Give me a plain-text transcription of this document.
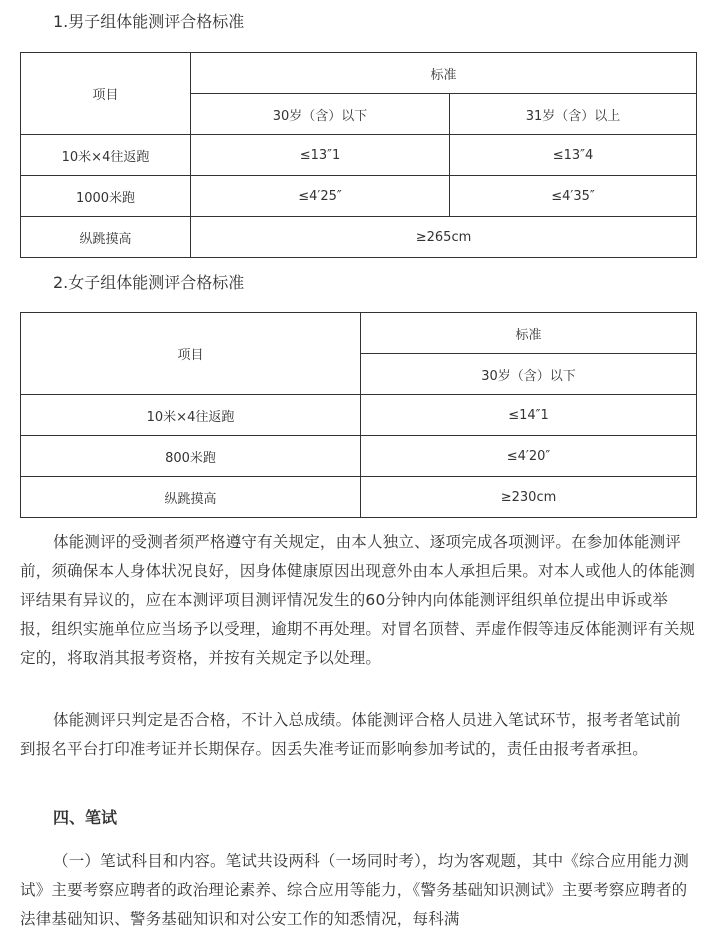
1.男子组体能测评合格标准
项目	标准	
	30岁（含）以下	31岁（含）以上
10米×4往返跑	≤13″1	≤13″4
1000米跑	≤4′25″	≤4′35″
纵跳摸高	≥265cm	
2.女子组体能测评合格标准
项目	标准
	30岁（含）以下
10米×4往返跑	≤14″1
800米跑	≤4′20″
纵跳摸高	≥230cm

体能测评的受测者须严格遵守有关规定，由本人独立、逐项完成各项测评。在参加体能测评前，须确保本人身体状况良好，因身体健康原因出现意外由本人承担后果。对本人或他人的体能测评结果有异议的，应在本测评项目测评情况发生的60分钟内向体能测评组织单位提出申诉或举报，组织实施单位应当场予以受理，逾期不再处理。对冒名顶替、弄虚作假等违反体能测评有关规定的，将取消其报考资格，并按有关规定予以处理。

体能测评只判定是否合格，不计入总成绩。体能测评合格人员进入笔试环节，报考者笔试前到报名平台打印准考证并长期保存。因丢失准考证而影响参加考试的，责任由报考者承担。

四、笔试

（一）笔试科目和内容。笔试共设两科（一场同时考），均为客观题，其中《综合应用能力测试》主要考察应聘者的政治理论素养、综合应用等能力，《警务基础知识测试》主要考察应聘者的法律基础知识、警务基础知识和对公安工作的知悉情况，每科满
